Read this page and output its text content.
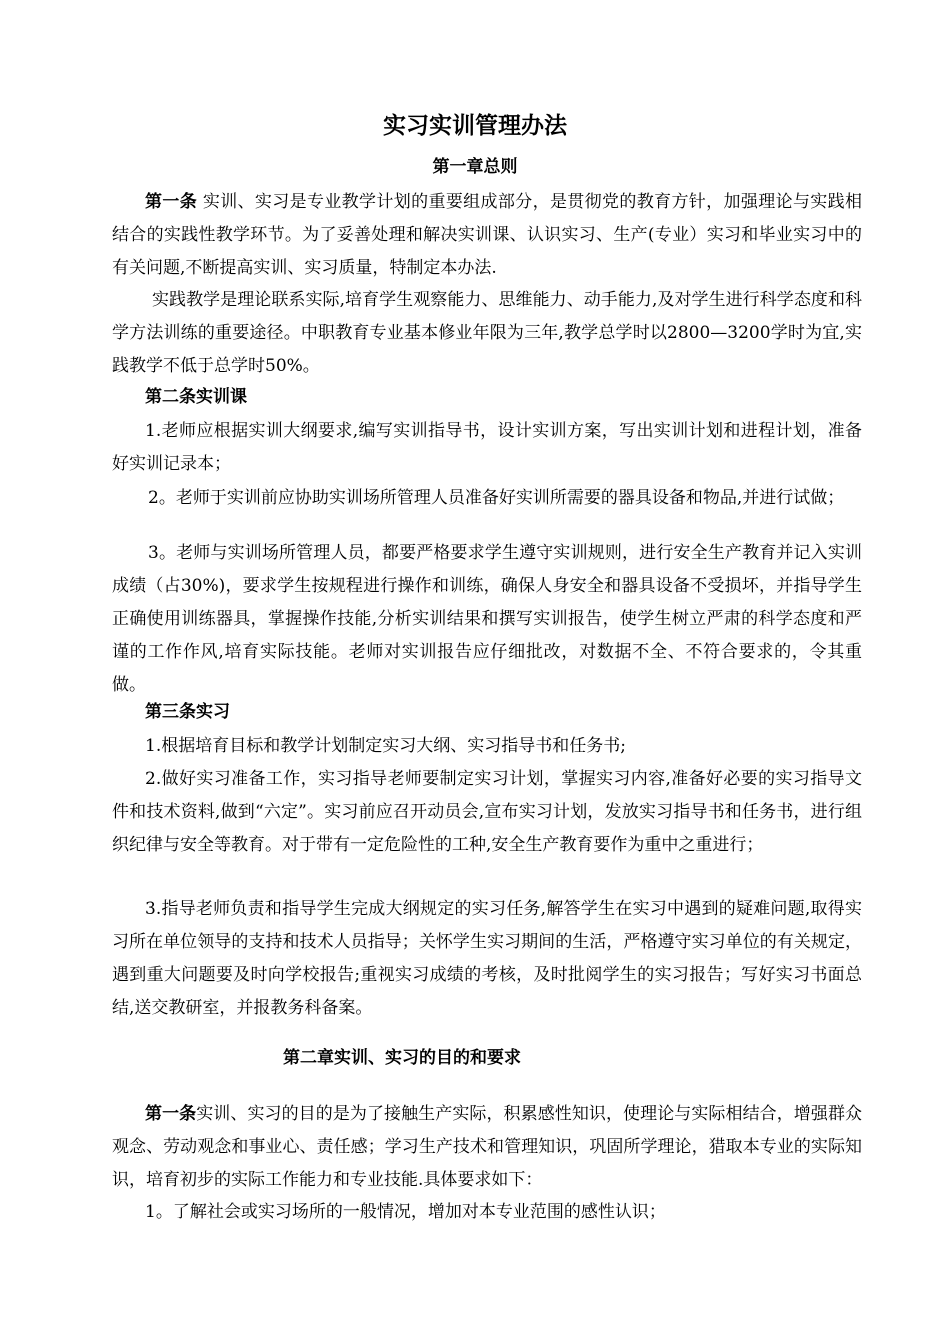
实习实训管理办法
第一章总则

第一条 实训、实习是专业教学计划的重要组成部分，是贯彻党的教育方针，加强理论与实践相结合的实践性教学环节。为了妥善处理和解决实训课、认识实习、生产(专业）实习和毕业实习中的有关问题,不断提高实训、实习质量，特制定本办法.

实践教学是理论联系实际,培育学生观察能力、思维能力、动手能力,及对学生进行科学态度和科学方法训练的重要途径。中职教育专业基本修业年限为三年,教学总学时以2800—3200学时为宜,实践教学不低于总学时50%。

第二条实训课

1.老师应根据实训大纲要求,编写实训指导书，设计实训方案，写出实训计划和进程计划，准备好实训记录本；

2。老师于实训前应协助实训场所管理人员准备好实训所需要的器具设备和物品,并进行试做；

3。老师与实训场所管理人员，都要严格要求学生遵守实训规则，进行安全生产教育并记入实训成绩（占30%)，要求学生按规程进行操作和训练，确保人身安全和器具设备不受损坏，并指导学生正确使用训练器具，掌握操作技能,分析实训结果和撰写实训报告，使学生树立严肃的科学态度和严谨的工作作风,培育实际技能。老师对实训报告应仔细批改，对数据不全、不符合要求的，令其重做。

第三条实习

1.根据培育目标和教学计划制定实习大纲、实习指导书和任务书;

2.做好实习准备工作，实习指导老师要制定实习计划，掌握实习内容,准备好必要的实习指导文件和技术资料,做到“六定”。实习前应召开动员会,宣布实习计划，发放实习指导书和任务书，进行组织纪律与安全等教育。对于带有一定危险性的工种,安全生产教育要作为重中之重进行；

3.指导老师负责和指导学生完成大纲规定的实习任务,解答学生在实习中遇到的疑难问题,取得实习所在单位领导的支持和技术人员指导；关怀学生实习期间的生活，严格遵守实习单位的有关规定，遇到重大问题要及时向学校报告;重视实习成绩的考核，及时批阅学生的实习报告；写好实习书面总结,送交教研室，并报教务科备案。

第二章实训、实习的目的和要求

第一条实训、实习的目的是为了接触生产实际，积累感性知识，使理论与实际相结合，增强群众观念、劳动观念和事业心、责任感；学习生产技术和管理知识，巩固所学理论，猎取本专业的实际知识，培育初步的实际工作能力和专业技能.具体要求如下：

1。了解社会或实习场所的一般情况，增加对本专业范围的感性认识；
